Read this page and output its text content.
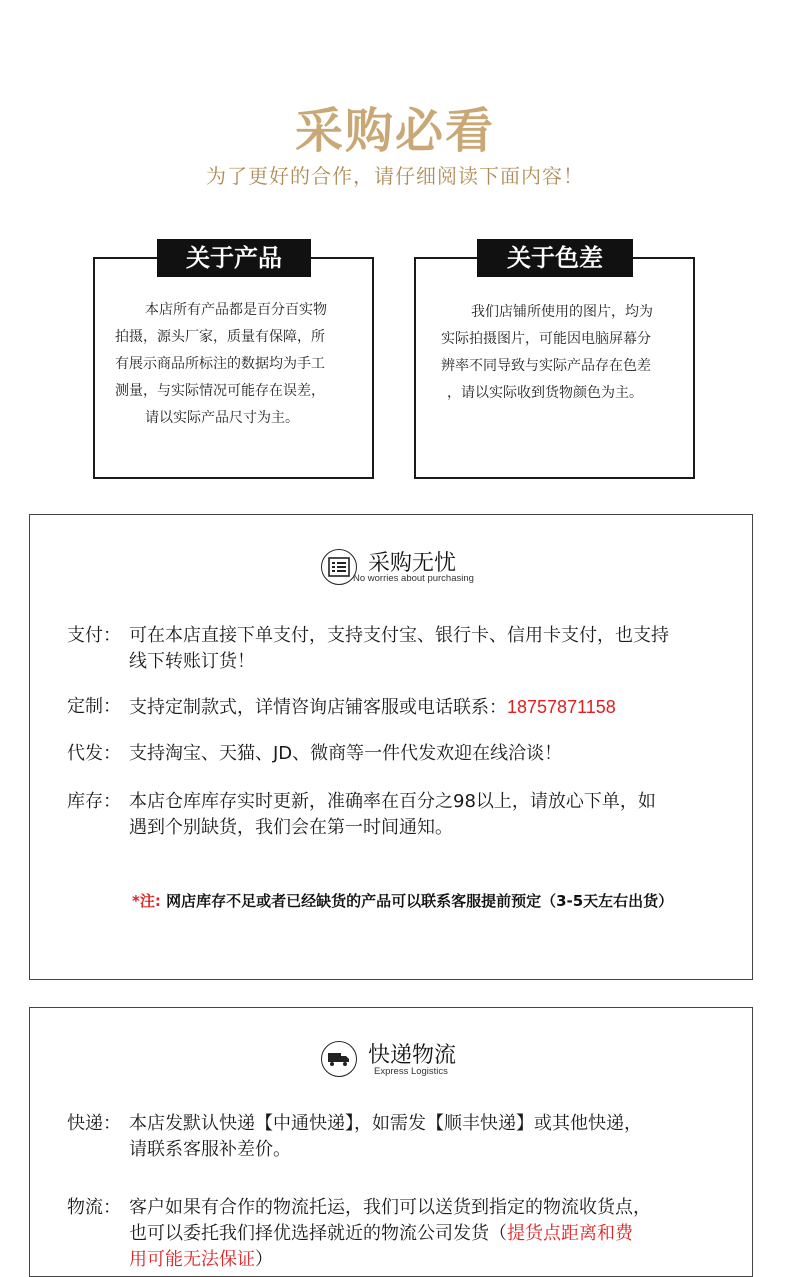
采购必看
为了更好的合作，请仔细阅读下面内容！
本店所有产品都是百分百实物
拍摄，源头厂家，质量有保障，所
有展示商品所标注的数据均为手工
测量，与实际情况可能存在误差，
请以实际产品尺寸为主。
关于产品
我们店铺所使用的图片，均为
实际拍摄图片，可能因电脑屏幕分
辨率不同导致与实际产品存在色差
，请以实际收到货物颜色为主。
关于色差
采购无忧
No worries about purchasing
支付： 可在本店直接下单支付，支持支付宝、银行卡、信用卡支付，也支持
线下转账订货！
定制： 支持定制款式，详情咨询店铺客服或电话联系：18757871158
代发： 支持淘宝、天猫、JD、微商等一件代发欢迎在线洽谈！
库存： 本店仓库库存实时更新，准确率在百分之98以上，请放心下单，如
遇到个别缺货，我们会在第一时间通知。
*注: 网店库存不足或者已经缺货的产品可以联系客服提前预定（3-5天左右出货）
快递物流
Express Logistics
快递： 本店发默认快递【中通快递】，如需发【顺丰快递】或其他快递，
请联系客服补差价。
物流： 客户如果有合作的物流托运，我们可以送货到指定的物流收货点，
也可以委托我们择优选择就近的物流公司发货（提货点距离和费
用可能无法保证）
